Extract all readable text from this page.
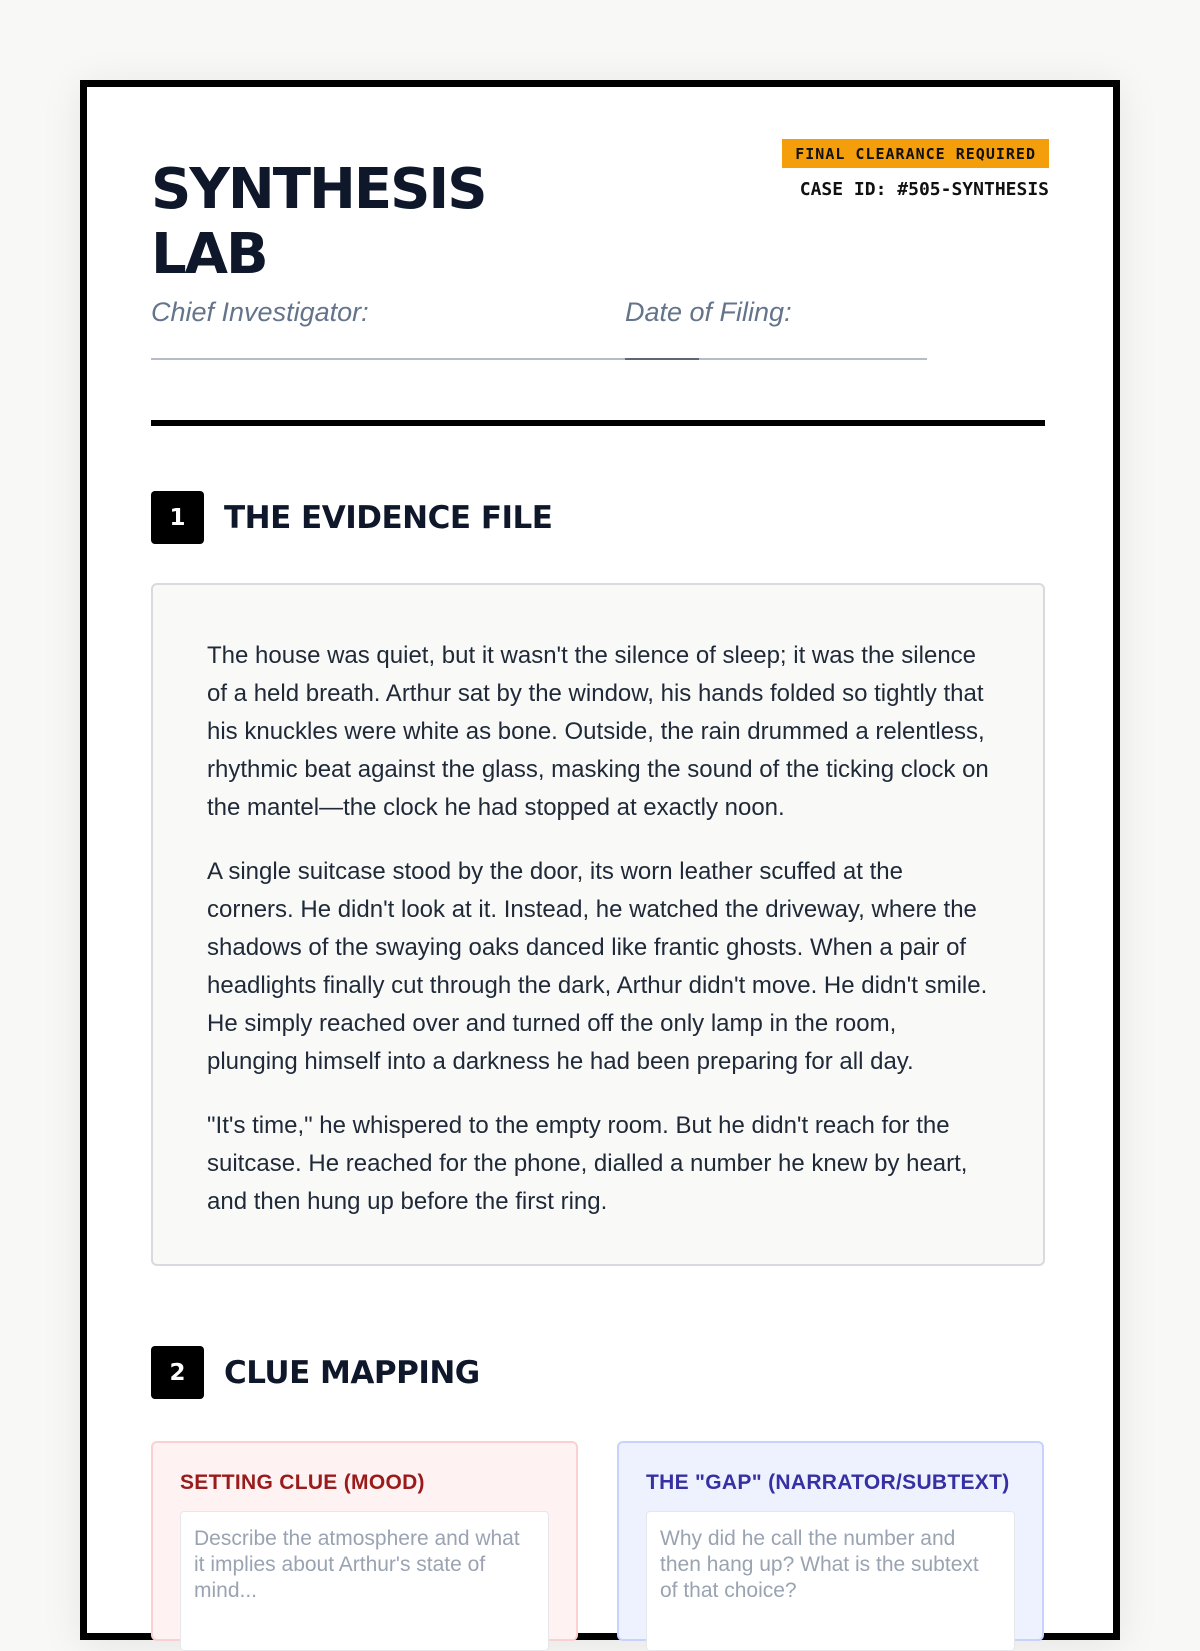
SYNTHESIS
LAB
FINAL CLEARANCE REQUIRED
CASE ID: #505-SYNTHESIS
Chief Investigator:	Date of Filing:
1	THE EVIDENCE FILE

The house was quiet, but it wasn't the silence of sleep; it was the silence of a held breath. Arthur sat by the window, his hands folded so tightly that his knuckles were white as bone. Outside, the rain drummed a relentless, rhythmic beat against the glass, masking the sound of the ticking clock on the mantel—the clock he had stopped at exactly noon.

A single suitcase stood by the door, its worn leather scuffed at the corners. He didn't look at it. Instead, he watched the driveway, where the shadows of the swaying oaks danced like frantic ghosts. When a pair of headlights finally cut through the dark, Arthur didn't move. He didn't smile. He simply reached over and turned off the only lamp in the room, plunging himself into a darkness he had been preparing for all day.

"It's time," he whispered to the empty room. But he didn't reach for the suitcase. He reached for the phone, dialled a number he knew by heart, and then hung up before the first ring.

2	CLUE MAPPING
SETTING CLUE (MOOD)
Describe the atmosphere and what it implies about Arthur's state of mind...	THE "GAP" (NARRATOR/SUBTEXT)
Why did he call the number and then hang up? What is the subtext of that choice?
